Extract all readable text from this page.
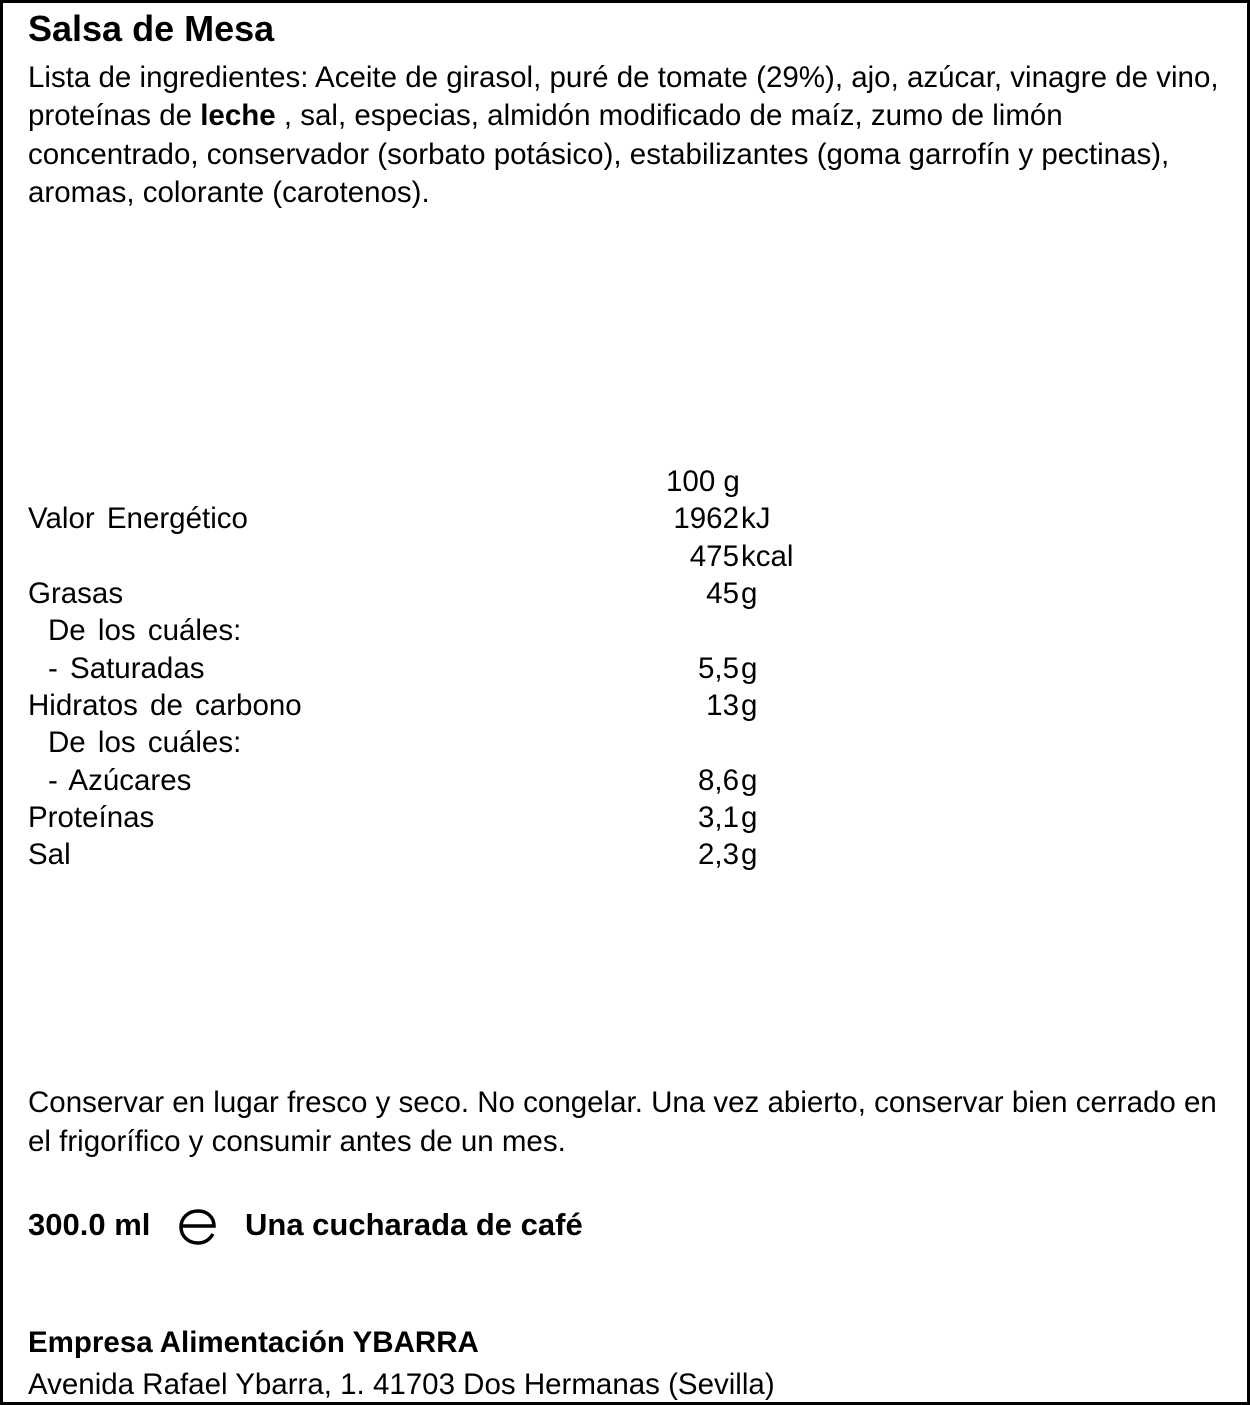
Salsa de Mesa

Lista de ingredientes: Aceite de girasol, puré de tomate (29%), ajo, azúcar, vinagre de vino, proteínas de leche , sal, especias, almidón modificado de maíz, zumo de limón concentrado, conservador (sorbato potásico), estabilizantes (goma garrofín y pectinas), aromas, colorante (carotenos).

100 g
Valor Energético	1962 kJ
475 kcal
Grasas	45 g
De los cuáles:
- Saturadas	5,5 g
Hidratos de carbono	13 g
De los cuáles:
- Azúcares	8,6 g
Proteínas	3,1 g
Sal	2,3 g

Conservar en lugar fresco y seco. No congelar. Una vez abierto, conservar bien cerrado en el frigorífico y consumir antes de un mes.

300.0 ml	Una cucharada de café
Empresa Alimentación YBARRA
Avenida Rafael Ybarra, 1. 41703 Dos Hermanas (Sevilla)
